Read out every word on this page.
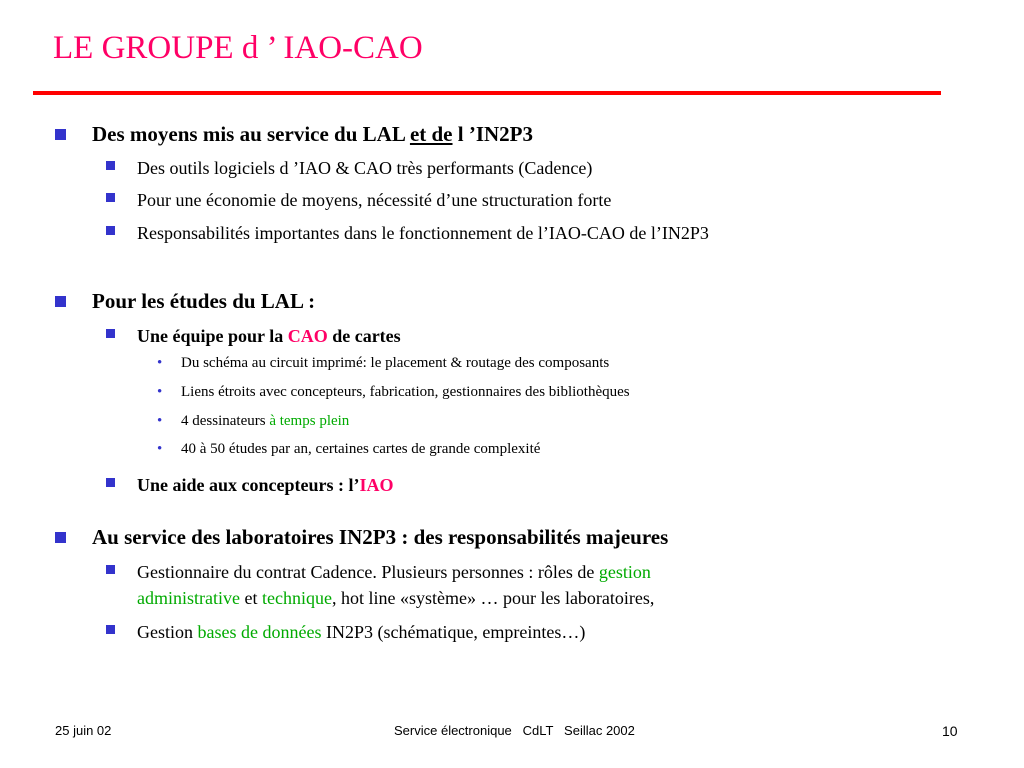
LE GROUPE d ’ IAO-CAO
Des moyens mis au service du LAL et de l ’IN2P3
Des outils logiciels d ’IAO & CAO très performants (Cadence)
Pour une économie de moyens, nécessité d’une structuration forte
Responsabilités importantes dans le fonctionnement de l’IAO-CAO de l’IN2P3
Pour les études du LAL :
Une équipe pour la CAO de cartes
• Du schéma au circuit imprimé: le placement & routage des composants
• Liens étroits avec concepteurs, fabrication, gestionnaires des bibliothèques
• 4 dessinateurs à temps plein
• 40 à 50 études par an, certaines cartes de grande complexité
Une aide aux concepteurs : l’IAO
Au service des laboratoires IN2P3 : des responsabilités majeures
Gestionnaire du contrat Cadence. Plusieurs personnes : rôles de gestion
administrative et technique, hot line «système» … pour les laboratoires,
Gestion bases de données IN2P3 (schématique, empreintes…)
25 juin 02	Service électronique   CdLT   Seillac 2002	10
